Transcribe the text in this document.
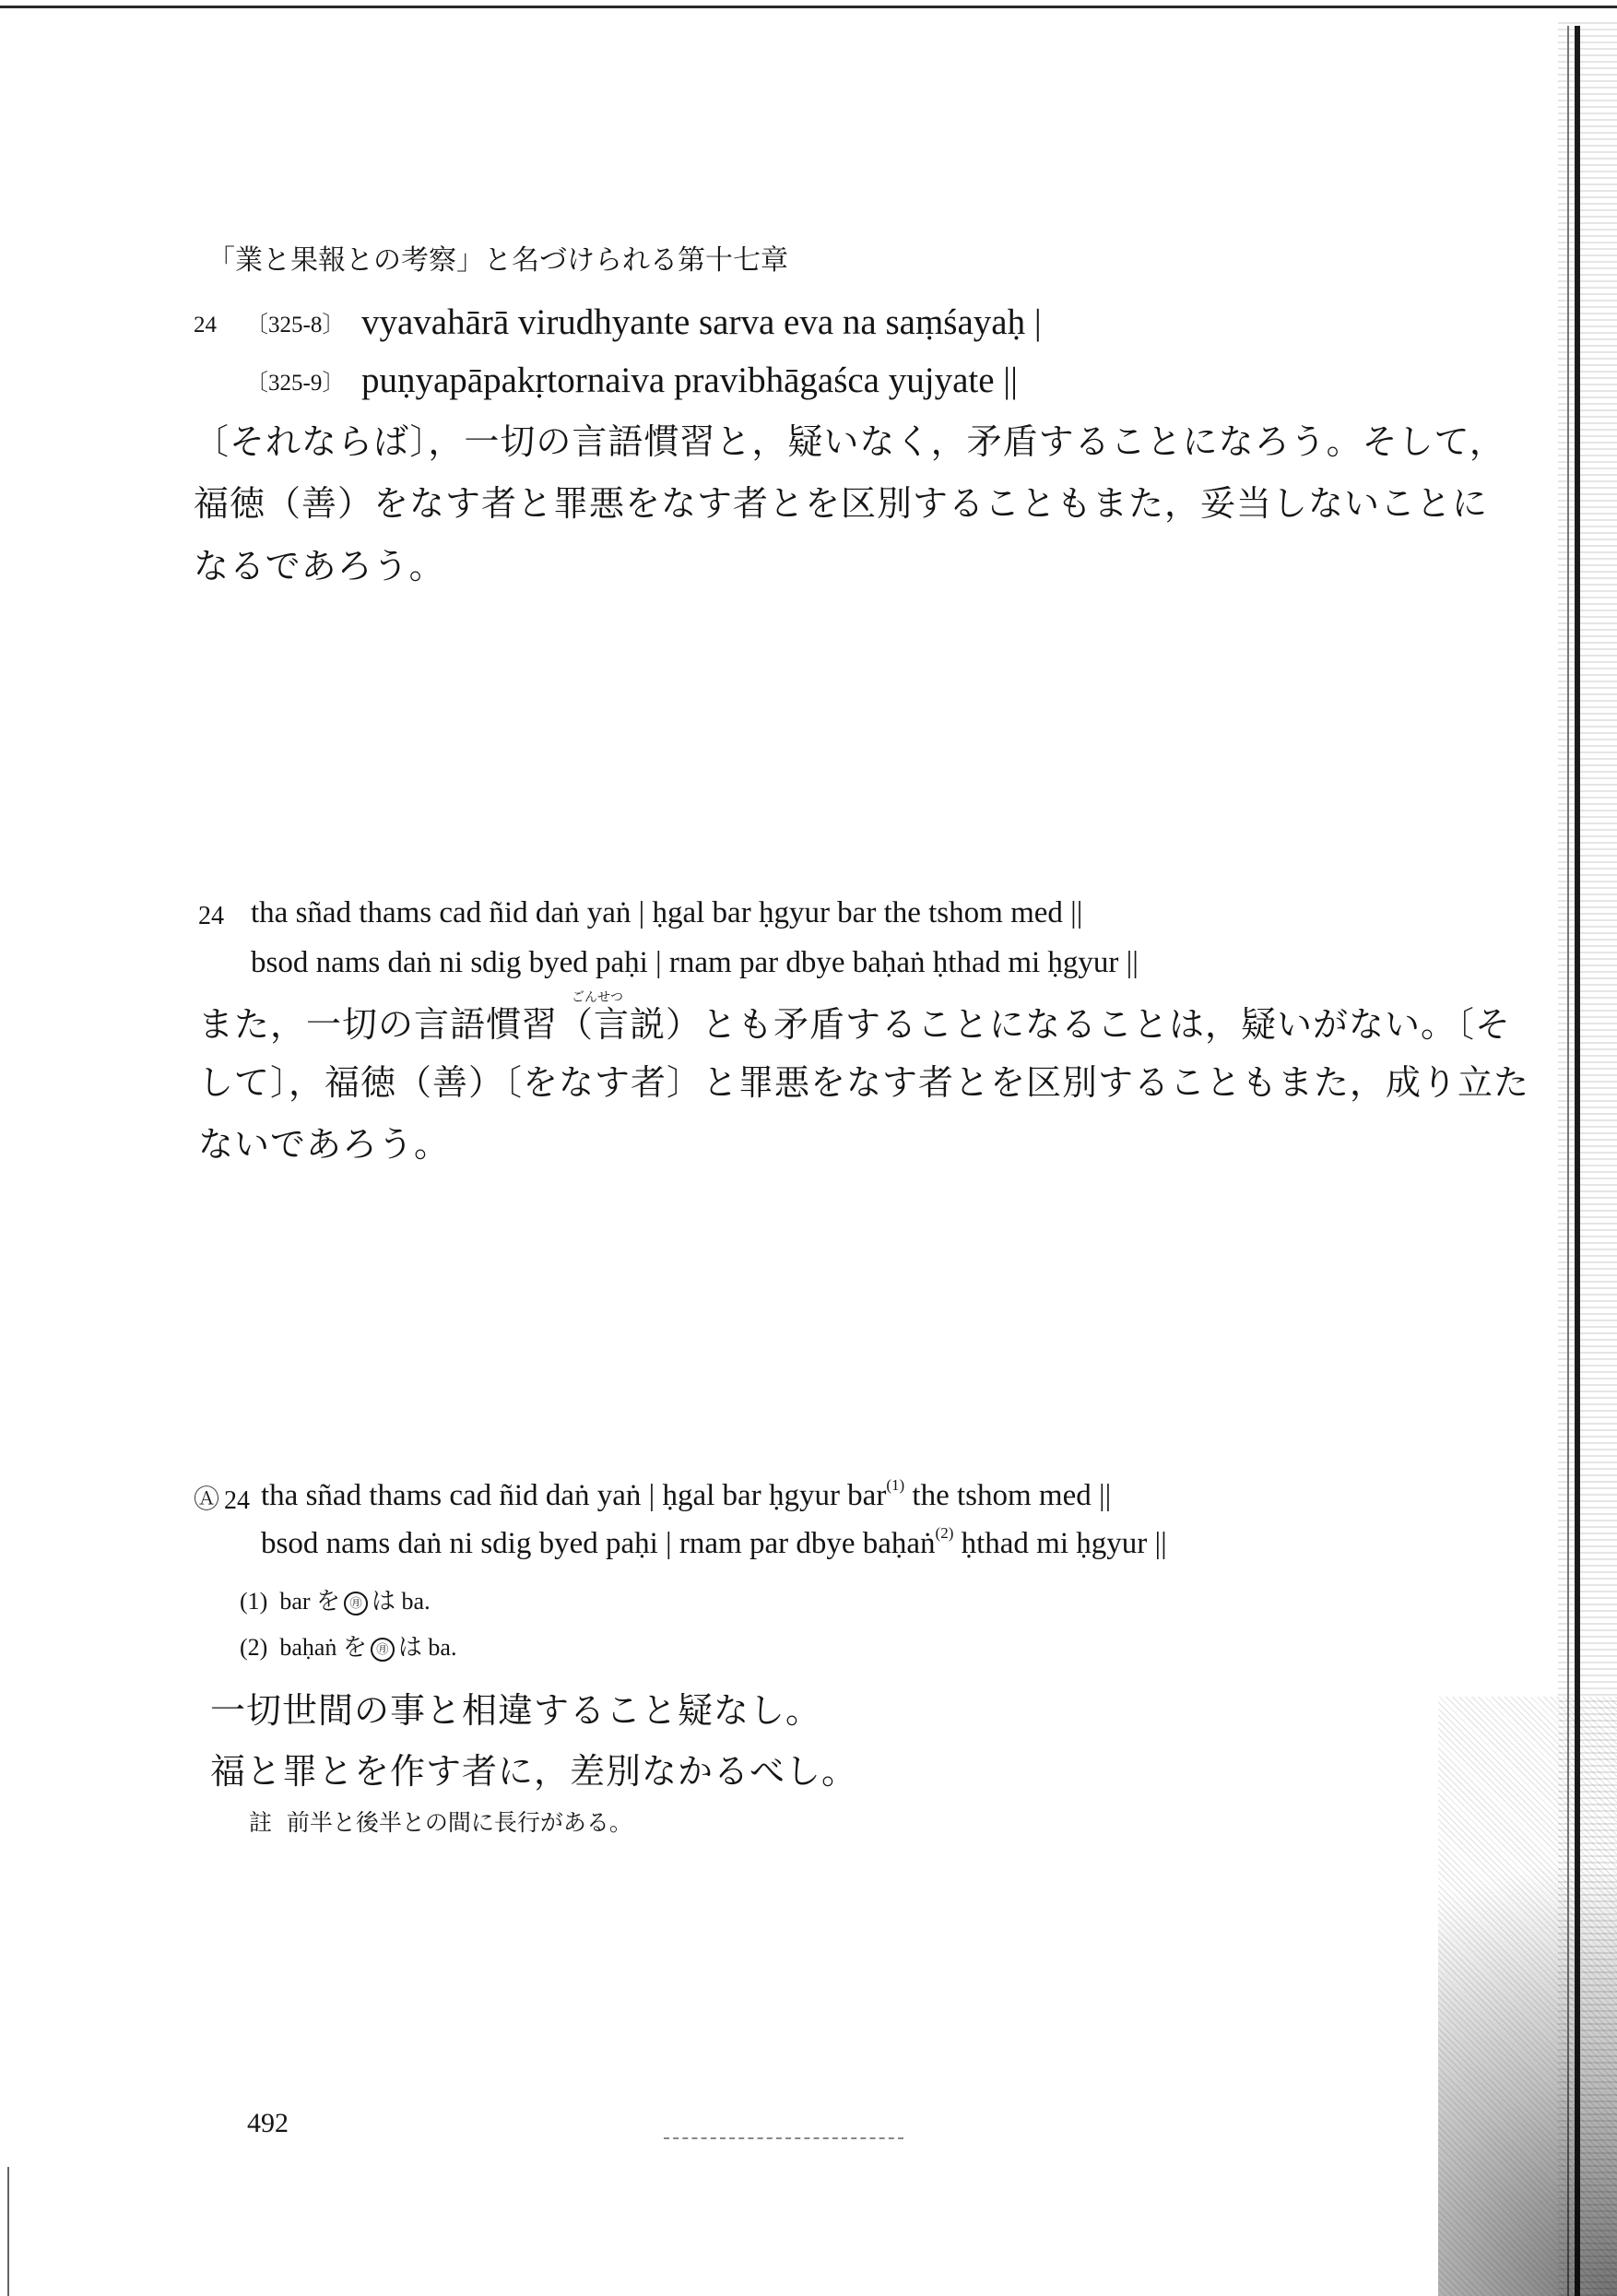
「業と果報との考察」と名づけられる第十七章
24 〔325-8〕 vyavahārā virudhyante sarva eva na saṃśayaḥ |
〔325-9〕 puṇyapāpakṛtornaiva pravibhāgaśca yujyate ||
〔それならば〕，一切の言語慣習と，疑いなく，矛盾することになろう。そして，
福徳（善）をなす者と罪悪をなす者とを区別することもまた，妥当しないことに
なるであろう。
24 tha sñad thams cad ñid daṅ yaṅ | ḥgal bar ḥgyur bar the tshom med ||
bsod nams daṅ ni sdig byed paḥi | rnam par dbye baḥaṅ ḥthad mi ḥgyur ||
ごんせつ
また，一切の言語慣習（言説）とも矛盾することになることは，疑いがない。〔そ
して〕，福徳（善）〔をなす者〕と罪悪をなす者とを区別することもまた，成り立た
ないであろう。
Ⓐ 24 tha sñad thams cad ñid daṅ yaṅ | ḥgal bar ḥgyur bar$^{(1)}$ the tshom med ||
bsod nams daṅ ni sdig byed paḥi | rnam par dbye baḥaṅ$^{(2)}$ ḥthad mi ḥgyur ||
(1) bar を ㊊ は ba.
(2) baḥaṅ を ㊊ は ba.
一切世間の事と相違すること疑なし。
福と罪とを作す者に，差別なかるべし。
註 前半と後半との間に長行がある。
492
